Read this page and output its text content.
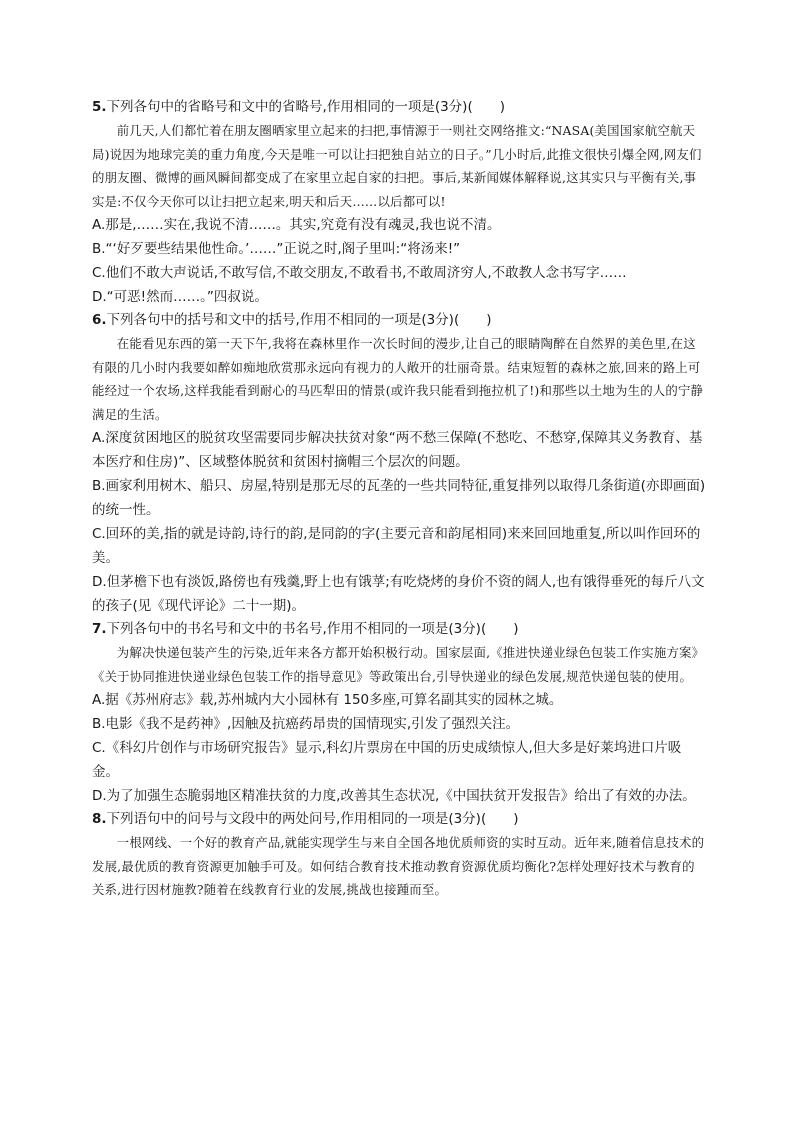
5.下列各句中的省略号和文中的省略号,作用相同的一项是(3分)(　　)

前几天,人们都忙着在朋友圈晒家里立起来的扫把,事情源于一则社交网络推文:“NASA(美国国家航空航天局)说因为地球完美的重力角度,今天是唯一可以让扫把独自站立的日子。”几小时后,此推文很快引爆全网,网友们的朋友圈、微博的画风瞬间都变成了在家里立起自家的扫把。事后,某新闻媒体解释说,这其实只与平衡有关,事实是:不仅今天你可以让扫把立起来,明天和后天……以后都可以!

A.那是,……实在,我说不清……。其实,究竟有没有魂灵,我也说不清。

B.“‘好歹要些结果他性命。’……”正说之时,阁子里叫:“将汤来!”

C.他们不敢大声说话,不敢写信,不敢交朋友,不敢看书,不敢周济穷人,不敢教人念书写字……

D.“可恶!然而……。”四叔说。

6.下列各句中的括号和文中的括号,作用不相同的一项是(3分)(　　)

在能看见东西的第一天下午,我将在森林里作一次长时间的漫步,让自己的眼睛陶醉在自然界的美色里,在这有限的几小时内我要如醉如痴地欣赏那永远向有视力的人敞开的壮丽奇景。结束短暂的森林之旅,回来的路上可能经过一个农场,这样我能看到耐心的马匹犁田的情景(或许我只能看到拖拉机了!)和那些以土地为生的人的宁静满足的生活。

A.深度贫困地区的脱贫攻坚需要同步解决扶贫对象“两不愁三保障(不愁吃、不愁穿,保障其义务教育、基本医疗和住房)”、区域整体脱贫和贫困村摘帽三个层次的问题。

B.画家利用树木、船只、房屋,特别是那无尽的瓦垄的一些共同特征,重复排列以取得几条街道(亦即画面)的统一性。

C.回环的美,指的就是诗韵,诗行的韵,是同韵的字(主要元音和韵尾相同)来来回回地重复,所以叫作回环的美。

D.但茅檐下也有淡饭,路傍也有残羹,野上也有饿莩;有吃烧烤的身价不资的阔人,也有饿得垂死的每斤八文的孩子(见《现代评论》二十一期)。

7.下列各句中的书名号和文中的书名号,作用不相同的一项是(3分)(　　)

为解决快递包装产生的污染,近年来各方都开始积极行动。国家层面,《推进快递业绿色包装工作实施方案》《关于协同推进快递业绿色包装工作的指导意见》等政策出台,引导快递业的绿色发展,规范快递包装的使用。

A.据《苏州府志》载,苏州城内大小园林有 150多座,可算名副其实的园林之城。

B.电影《我不是药神》,因触及抗癌药昂贵的国情现实,引发了强烈关注。

C.《科幻片创作与市场研究报告》显示,科幻片票房在中国的历史成绩惊人,但大多是好莱坞进口片吸金。

D.为了加强生态脆弱地区精准扶贫的力度,改善其生态状况,《中国扶贫开发报告》给出了有效的办法。

8.下列语句中的问号与文段中的两处问号,作用相同的一项是(3分)(　　)

一根网线、一个好的教育产品,就能实现学生与来自全国各地优质师资的实时互动。近年来,随着信息技术的发展,最优质的教育资源更加触手可及。如何结合教育技术推动教育资源优质均衡化?怎样处理好技术与教育的关系,进行因材施教?随着在线教育行业的发展,挑战也接踵而至。
